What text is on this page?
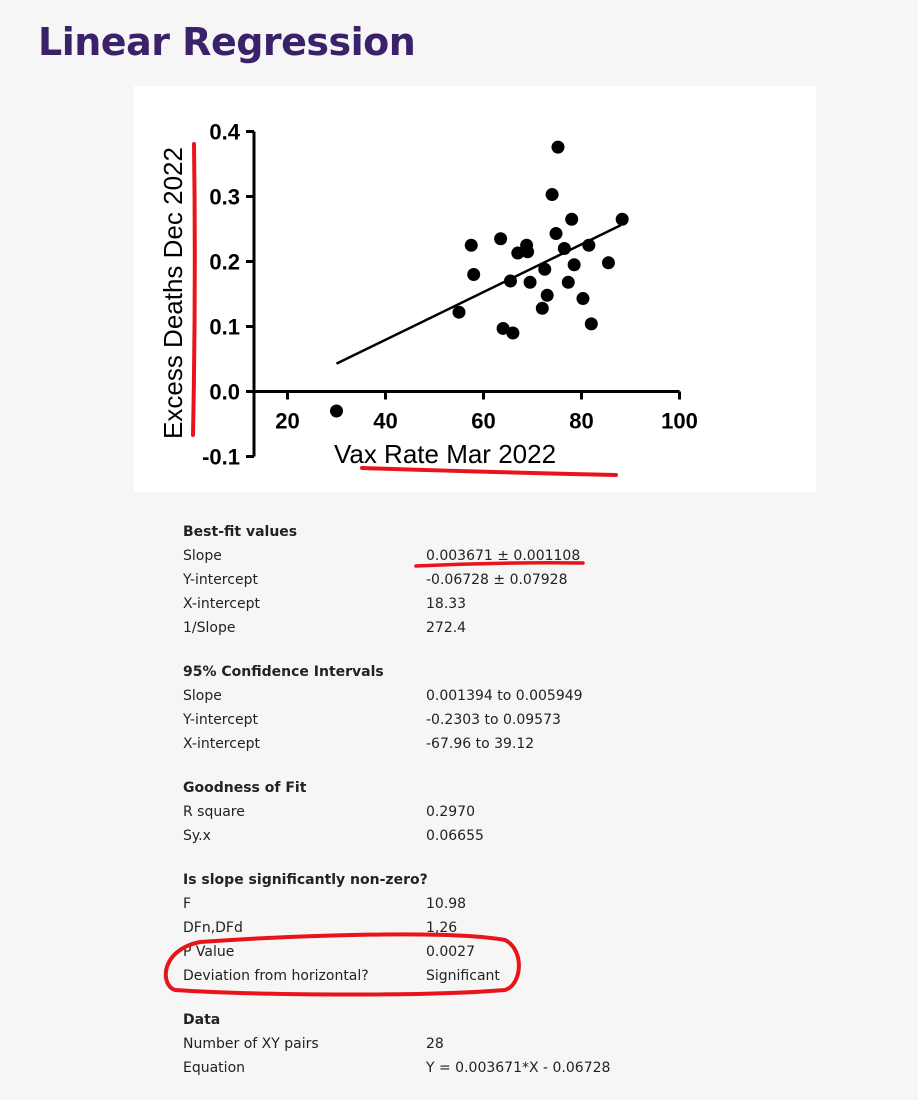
Linear Regression
-0.1
0.0
0.1
0.2
0.3
0.4
20	40	60	80	100
Vax Rate Mar 2022
Excess Deaths Dec 2022
Best-fit values
Slope	0.003671 ± 0.001108
Y-intercept	-0.06728 ± 0.07928
X-intercept	18.33
1/Slope	272.4
95% Confidence Intervals
Slope	0.001394 to 0.005949
Y-intercept	-0.2303 to 0.09573
X-intercept	-67.96 to 39.12
Goodness of Fit
R square	0.2970
Sy.x	0.06655
Is slope significantly non-zero?
F	10.98
DFn,DFd	1,26
P Value	0.0027
Deviation from horizontal?	Significant
Data
Number of XY pairs	28
Equation	Y = 0.003671*X - 0.06728
